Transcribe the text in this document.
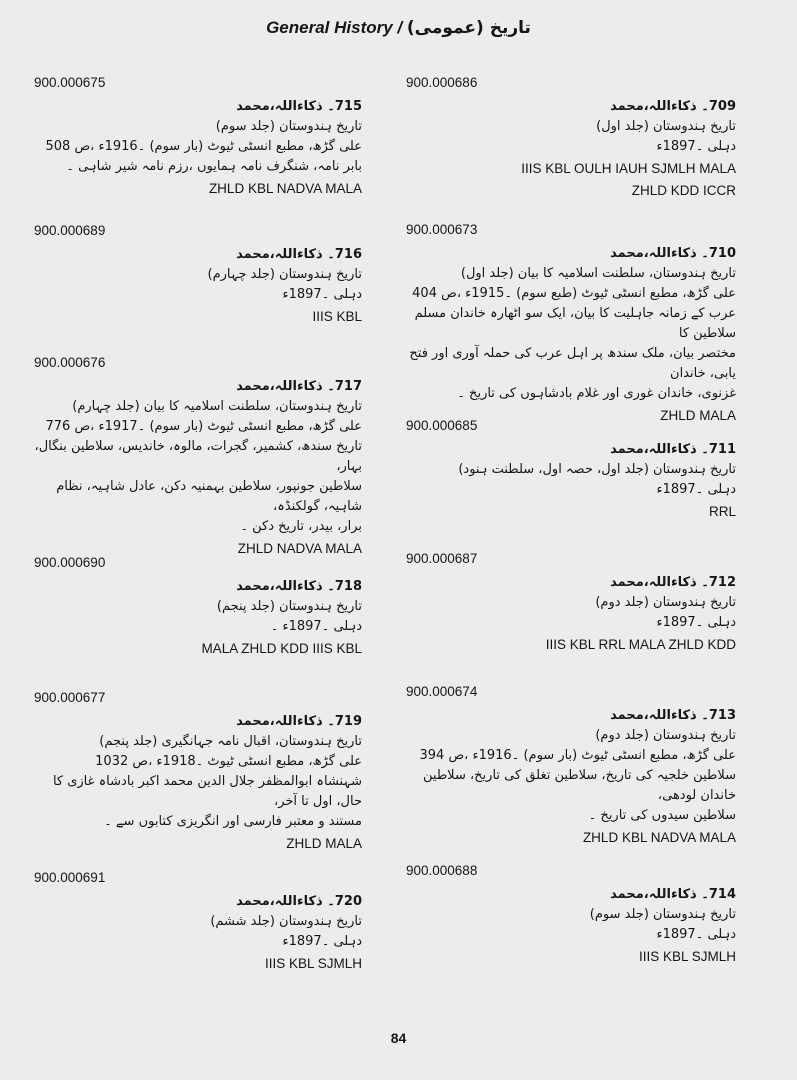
General History / تاریخ (عمومی)
900.000675
715۔ ذکاءاللہ،محمد
تاریخ ہندوستان (جلد سوم)
علی گڑھ، مطبع انسٹی ٹیوٹ (بار سوم) ۔1916ء ،ص 508
بابر نامہ، شنگرف نامہ ہمایوں ،رزم نامہ شیر شاہی ۔
ZHLD KBL NADVA MALA
900.000689
716۔ ذکاءاللہ،محمد
تاریخ ہندوستان (جلد چہارم)
دہلی ۔1897ء
IIIS KBL
900.000676
717۔ ذکاءاللہ،محمد
تاریخ ہندوستان، سلطنت اسلامیہ کا بیان (جلد چہارم)
علی گڑھ، مطبع انسٹی ٹیوٹ (بار سوم) ۔1917ء ،ص 776
تاریخ سندھ، کشمیر، گجرات، مالوہ، خاندیس، سلاطین بنگال، بہار،
سلاطین جونپور، سلاطین بہمنیہ دکن، عادل شاہیہ، نظام شاہیہ، گولکنڈہ،
برار، بیدر، تاریخ دکن ۔
ZHLD NADVA MALA
900.000690
718۔ ذکاءاللہ،محمد
تاریخ ہندوستان (جلد پنجم)
دہلی ۔1897ء ۔
MALA ZHLD KDD IIIS KBL
900.000677
719۔ ذکاءاللہ،محمد
تاریخ ہندوستان، اقبال نامہ جہانگیری (جلد پنجم)
علی گڑھ، مطبع انسٹی ٹیوٹ ۔1918ء ،ص 1032
شہنشاہ ابوالمظفر جلال الدین محمد اکبر بادشاہ غازی کا حال، اول تا آخر،
مستند و معتبر فارسی اور انگریزی کتابوں سے ۔
ZHLD MALA
900.000691
720۔ ذکاءاللہ،محمد
تاریخ ہندوستان (جلد ششم)
دہلی ۔1897ء
IIIS KBL SJMLH
900.000686
709۔ ذکاءاللہ،محمد
تاریخ ہندوستان (جلد اول)
دہلی ۔1897ء
IIIS KBL OULH IAUH SJMLH MALA
ZHLD KDD ICCR
900.000673
710۔ ذکاءاللہ،محمد
تاریخ ہندوستان، سلطنت اسلامیہ کا بیان (جلد اول)
علی گڑھ، مطبع انسٹی ٹیوٹ (طبع سوم) ۔1915ء ،ص 404
عرب کے زمانہ جاہلیت کا بیان، ایک سو اٹھارہ خاندان مسلم سلاطین کا
مختصر بیان، ملک سندھ پر اہل عرب کی حملہ آوری اور فتح یابی، خاندان
غزنوی، خاندان غوری اور غلام بادشاہوں کی تاریخ ۔
ZHLD MALA
900.000685
711۔ ذکاءاللہ،محمد
تاریخ ہندوستان (جلد اول، حصہ اول، سلطنت ہنود)
دہلی ۔1897ء
RRL
900.000687
712۔ ذکاءاللہ،محمد
تاریخ ہندوستان (جلد دوم)
دہلی ۔1897ء
IIIS KBL RRL MALA ZHLD KDD
900.000674
713۔ ذکاءاللہ،محمد
تاریخ ہندوستان (جلد دوم)
علی گڑھ، مطبع انسٹی ٹیوٹ (بار سوم) ۔1916ء ،ص 394
سلاطین خلجیہ کی تاریخ، سلاطین تغلق کی تاریخ، سلاطین خاندان لودھی،
سلاطین سیدوں کی تاریخ ۔
ZHLD KBL NADVA MALA
900.000688
714۔ ذکاءاللہ،محمد
تاریخ ہندوستان (جلد سوم)
دہلی ۔1897ء
IIIS KBL SJMLH
84
